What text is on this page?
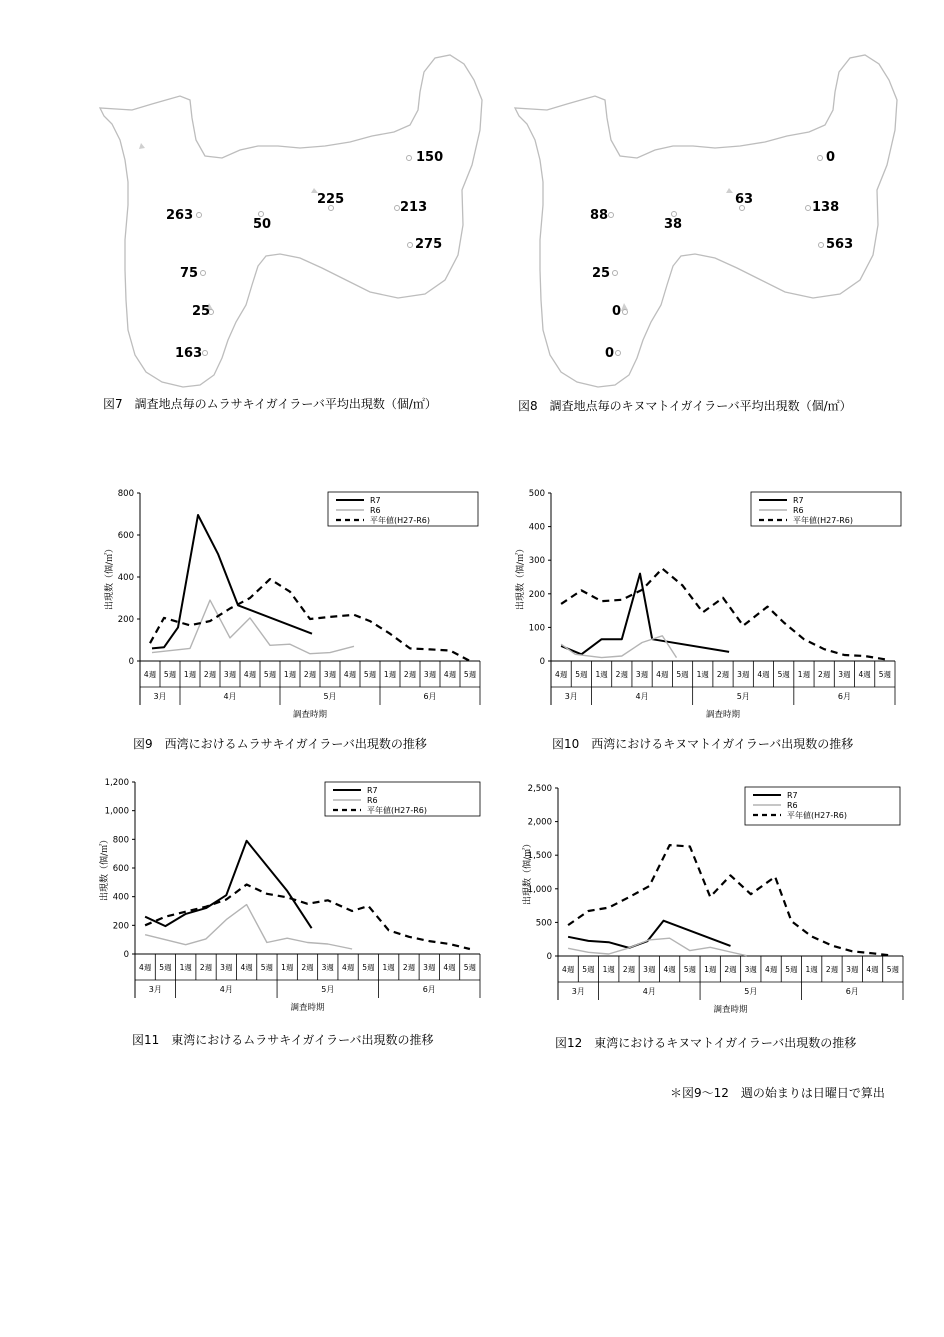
150
225
213
263
50
275
75
25
163
0
63
138
88
38
563
25
0
0
図7　調査地点毎のムラサキイガイラーバ平均出現数（個/㎡）	図8　調査地点毎のキヌマトイガイラーバ平均出現数（個/㎡）
0
200
400
600
800
4週 5週 1週 2週 3週 4週 5週 1週 2週 3週 4週 5週 1週 2週 3週 4週 5週
3月	4月	5月	6月
調査時期
出現数（個/㎥）
R7
R6
平年値(H27-R6)
0
100
200
300
400
500
4週 5週 1週 2週 3週 4週 5週 1週 2週 3週 4週 5週 1週 2週 3週 4週 5週
3月	4月	5月	6月
調査時期
出現数（個/㎥）
R7
R6
平年値(H27-R6)
0
200
400
600
800
1,000
1,200
4週 5週 1週 2週 3週 4週 5週 1週 2週 3週 4週 5週 1週 2週 3週 4週 5週
3月	4月	5月	6月
調査時期
出現数（個/㎥）
R7
R6
平年値(H27-R6)
0
500
1,000
1,500
2,000
2,500
4週 5週 1週 2週 3週 4週 5週 1週 2週 3週 4週 5週 1週 2週 3週 4週 5週
3月	4月	5月	6月
調査時期
出現数（個/㎥）
R7
R6
平年値(H27-R6)
図9　西湾におけるムラサキイガイラーバ出現数の推移	図10　西湾におけるキヌマトイガイラーバ出現数の推移
図11　東湾におけるムラサキイガイラーバ出現数の推移	図12　東湾におけるキヌマトイガイラーバ出現数の推移
＊図9～12　週の始まりは日曜日で算出
